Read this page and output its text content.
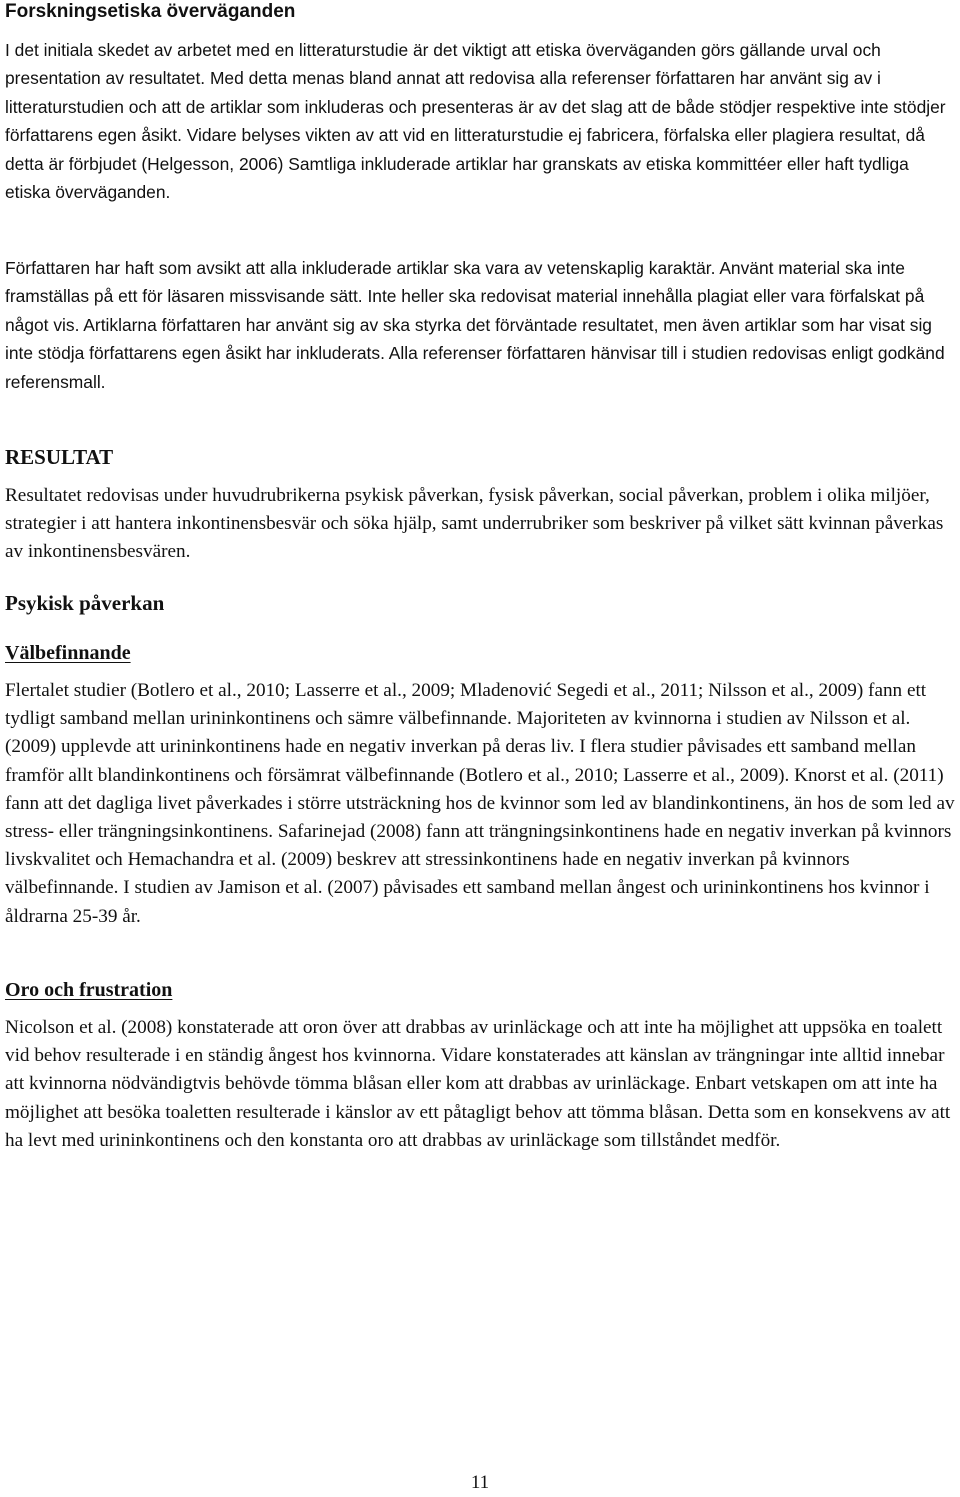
Forskningsetiska överväganden

I det initiala skedet av arbetet med en litteraturstudie är det viktigt att etiska överväganden görs gällande urval och presentation av resultatet. Med detta menas bland annat att redovisa alla referenser författaren har använt sig av i litteraturstudien och att de artiklar som inkluderas och presenteras är av det slag att de både stödjer respektive inte stödjer författarens egen åsikt. Vidare belyses vikten av att vid en litteraturstudie ej fabricera, förfalska eller plagiera resultat, då detta är förbjudet (Helgesson, 2006) Samtliga inkluderade artiklar har granskats av etiska kommittéer eller haft tydliga etiska överväganden.

Författaren har haft som avsikt att alla inkluderade artiklar ska vara av vetenskaplig karaktär. Använt material ska inte framställas på ett för läsaren missvisande sätt. Inte heller ska redovisat material innehålla plagiat eller vara förfalskat på något vis. Artiklarna författaren har använt sig av ska styrka det förväntade resultatet, men även artiklar som har visat sig inte stödja författarens egen åsikt har inkluderats. Alla referenser författaren hänvisar till i studien redovisas enligt godkänd referensmall.

RESULTAT

Resultatet redovisas under huvudrubrikerna psykisk påverkan, fysisk påverkan, social påverkan, problem i olika miljöer, strategier i att hantera inkontinensbesvär och söka hjälp, samt underrubriker som beskriver på vilket sätt kvinnan påverkas av inkontinensbesvären.

Psykisk påverkan
Välbefinnande

Flertalet studier (Botlero et al., 2010; Lasserre et al., 2009; Mladenović Segedi et al., 2011; Nilsson et al., 2009) fann ett tydligt samband mellan urininkontinens och sämre välbefinnande. Majoriteten av kvinnorna i studien av Nilsson et al. (2009) upplevde att urininkontinens hade en negativ inverkan på deras liv. I flera studier påvisades ett samband mellan framför allt blandinkontinens och försämrat välbefinnande (Botlero et al., 2010; Lasserre et al., 2009). Knorst et al. (2011) fann att det dagliga livet påverkades i större utsträckning hos de kvinnor som led av blandinkontinens, än hos de som led av stress- eller trängningsinkontinens. Safarinejad (2008) fann att trängningsinkontinens hade en negativ inverkan på kvinnors livskvalitet och Hemachandra et al. (2009) beskrev att stressinkontinens hade en negativ inverkan på kvinnors välbefinnande. I studien av Jamison et al. (2007) påvisades ett samband mellan ångest och urininkontinens hos kvinnor i åldrarna 25-39 år.

Oro och frustration

Nicolson et al. (2008) konstaterade att oron över att drabbas av urinläckage och att inte ha möjlighet att uppsöka en toalett vid behov resulterade i en ständig ångest hos kvinnorna. Vidare konstaterades att känslan av trängningar inte alltid innebar att kvinnorna nödvändigtvis behövde tömma blåsan eller kom att drabbas av urinläckage. Enbart vetskapen om att inte ha möjlighet att besöka toaletten resulterade i känslor av ett påtagligt behov att tömma blåsan. Detta som en konsekvens av att ha levt med urininkontinens och den konstanta oro att drabbas av urinläckage som tillståndet medför.

11
